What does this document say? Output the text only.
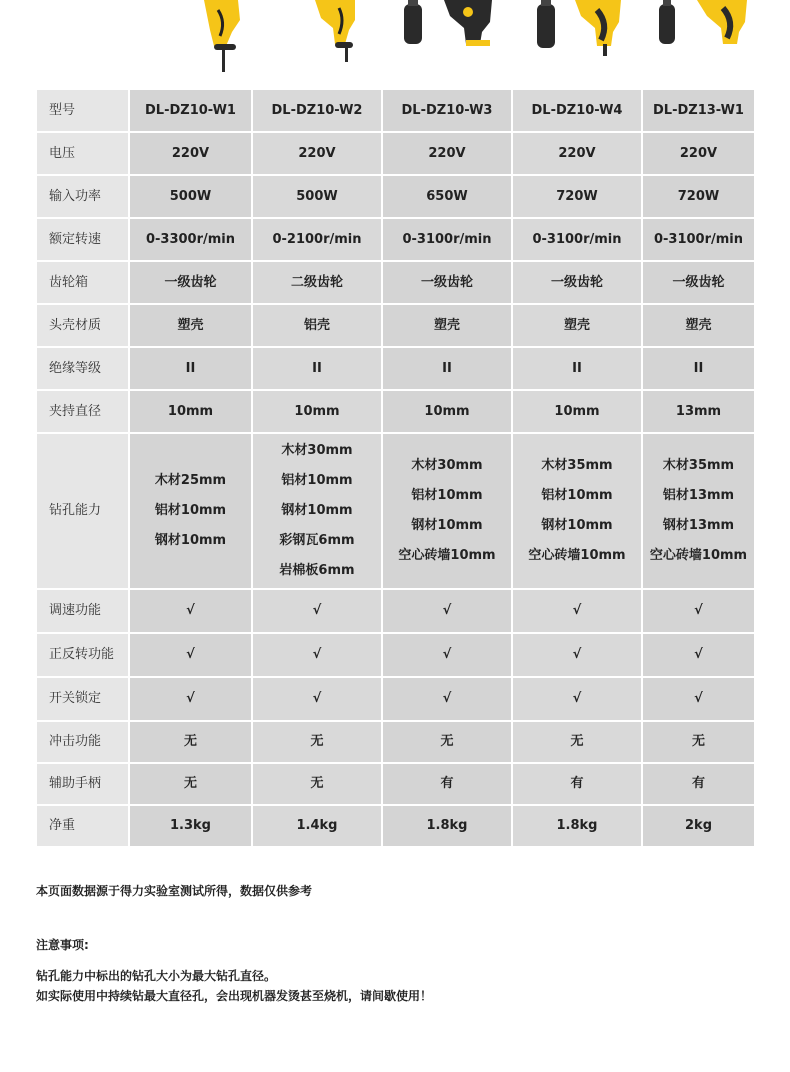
型号	DL-DZ10-W1	DL-DZ10-W2	DL-DZ10-W3	DL-DZ10-W4	DL-DZ13-W1
电压	220V	220V	220V	220V	220V

输入功率	500W	500W	650W	720W	720W

额定转速	0-3300r/min	0-2100r/min	0-3100r/min	0-3100r/min	0-3100r/min

齿轮箱	一级齿轮	二级齿轮	一级齿轮	一级齿轮	一级齿轮

头壳材质	塑壳	铝壳	塑壳	塑壳	塑壳

绝缘等级	II	II	II	II	II

夹持直径	10mm	10mm	10mm	10mm	13mm

钻孔能力	木材25mm
铝材10mm
钢材10mm	木材30mm
铝材10mm
钢材10mm
彩钢瓦6mm
岩棉板6mm	木材30mm
铝材10mm
钢材10mm
空心砖墙10mm	木材35mm
铝材10mm
钢材10mm
空心砖墙10mm	木材35mm
铝材13mm
钢材13mm
空心砖墙10mm

调速功能	√	√	√	√	√

正反转功能	√	√	√	√	√

开关锁定	√	√	√	√	√

冲击功能	无	无	无	无	无

辅助手柄	无	无	有	有	有

净重	1.3kg	1.4kg	1.8kg	1.8kg	2kg
本页面数据源于得力实验室测试所得，数据仅供参考
注意事项:
钻孔能力中标出的钻孔大小为最大钻孔直径。
如实际使用中持续钻最大直径孔，会出现机器发烫甚至烧机，请间歇使用！
